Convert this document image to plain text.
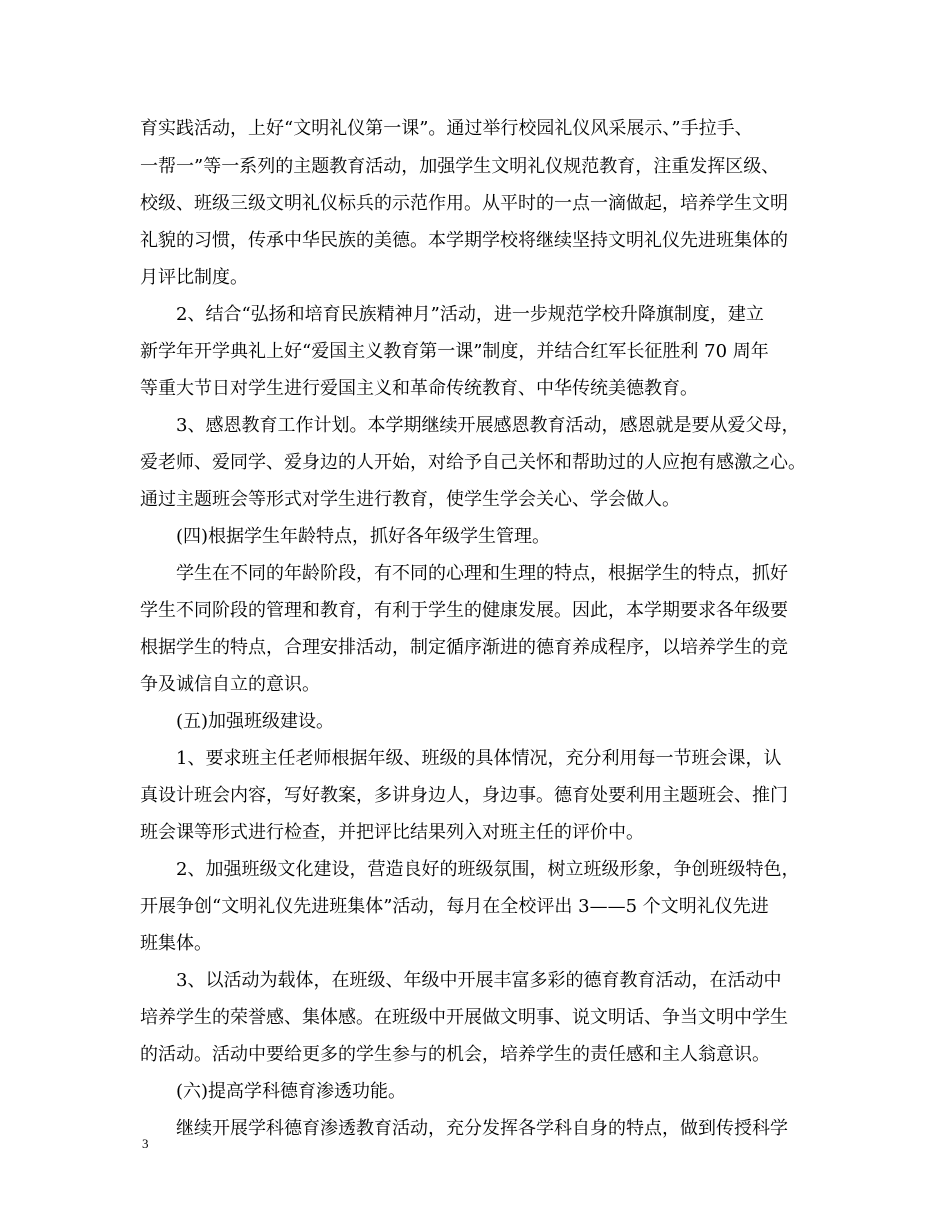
育实践活动，上好“文明礼仪第一课”。通过举行校园礼仪风采展示、”手拉手、
一帮一”等一系列的主题教育活动，加强学生文明礼仪规范教育，注重发挥区级、
校级、班级三级文明礼仪标兵的示范作用。从平时的一点一滴做起，培养学生文明
礼貌的习惯，传承中华民族的美德。本学期学校将继续坚持文明礼仪先进班集体的
月评比制度。
2、结合“弘扬和培育民族精神月”活动，进一步规范学校升降旗制度，建立
新学年开学典礼上好“爱国主义教育第一课”制度，并结合红军长征胜利 70 周年
等重大节日对学生进行爱国主义和革命传统教育、中华传统美德教育。
3、感恩教育工作计划。本学期继续开展感恩教育活动，感恩就是要从爱父母，
爱老师、爱同学、爱身边的人开始，对给予自己关怀和帮助过的人应抱有感激之心。
通过主题班会等形式对学生进行教育，使学生学会关心、学会做人。
(四)根据学生年龄特点，抓好各年级学生管理。
学生在不同的年龄阶段，有不同的心理和生理的特点，根据学生的特点，抓好
学生不同阶段的管理和教育，有利于学生的健康发展。因此，本学期要求各年级要
根据学生的特点，合理安排活动，制定循序渐进的德育养成程序，以培养学生的竞
争及诚信自立的意识。
(五)加强班级建设。
1、要求班主任老师根据年级、班级的具体情况，充分利用每一节班会课，认
真设计班会内容，写好教案，多讲身边人，身边事。德育处要利用主题班会、推门
班会课等形式进行检查，并把评比结果列入对班主任的评价中。
2、加强班级文化建设，营造良好的班级氛围，树立班级形象，争创班级特色，
开展争创“文明礼仪先进班集体”活动，每月在全校评出 3——5 个文明礼仪先进
班集体。
3、以活动为载体，在班级、年级中开展丰富多彩的德育教育活动，在活动中
培养学生的荣誉感、集体感。在班级中开展做文明事、说文明话、争当文明中学生
的活动。活动中要给更多的学生参与的机会，培养学生的责任感和主人翁意识。
(六)提高学科德育渗透功能。
继续开展学科德育渗透教育活动，充分发挥各学科自身的特点，做到传授科学
3
